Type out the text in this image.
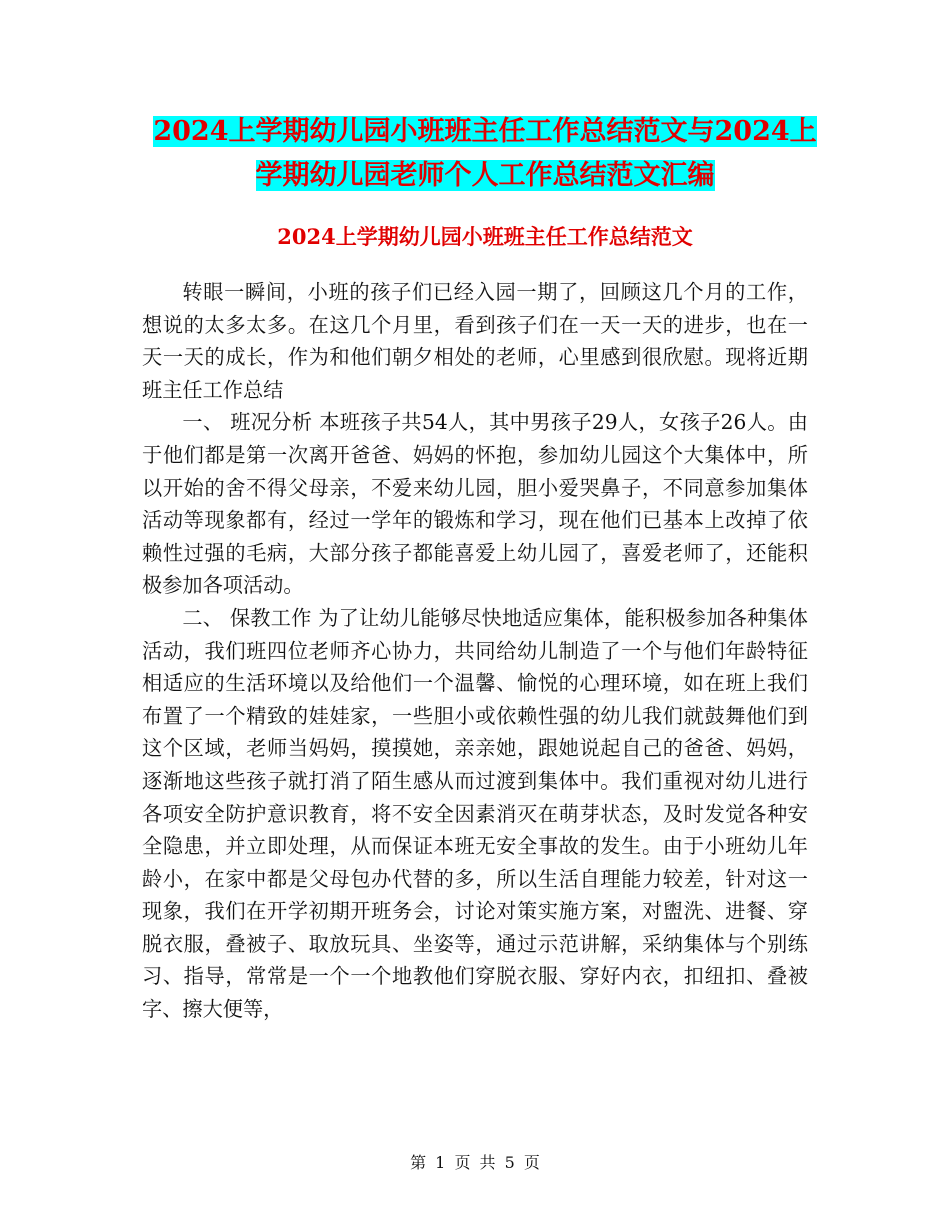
2024上学期幼儿园小班班主任工作总结范文与2024上
学期幼儿园老师个人工作总结范文汇编
2024上学期幼儿园小班班主任工作总结范文

转眼一瞬间，小班的孩子们已经入园一期了，回顾这几个月的工作，想说的太多太多。在这几个月里，看到孩子们在一天一天的进步，也在一天一天的成长，作为和他们朝夕相处的老师，心里感到很欣慰。现将近期班主任工作总结

一、 班况分析 本班孩子共54人，其中男孩子29人，女孩子26人。由于他们都是第一次离开爸爸、妈妈的怀抱，参加幼儿园这个大集体中，所以开始的舍不得父母亲，不爱来幼儿园，胆小爱哭鼻子，不同意参加集体活动等现象都有，经过一学年的锻炼和学习，现在他们已基本上改掉了依赖性过强的毛病，大部分孩子都能喜爱上幼儿园了，喜爱老师了，还能积极参加各项活动。

二、 保教工作 为了让幼儿能够尽快地适应集体，能积极参加各种集体活动，我们班四位老师齐心协力，共同给幼儿制造了一个与他们年龄特征相适应的生活环境以及给他们一个温馨、愉悦的心理环境，如在班上我们布置了一个精致的娃娃家，一些胆小或依赖性强的幼儿我们就鼓舞他们到这个区域，老师当妈妈，摸摸她，亲亲她，跟她说起自己的爸爸、妈妈，逐渐地这些孩子就打消了陌生感从而过渡到集体中。我们重视对幼儿进行各项安全防护意识教育，将不安全因素消灭在萌芽状态，及时发觉各种安全隐患，并立即处理，从而保证本班无安全事故的发生。由于小班幼儿年龄小，在家中都是父母包办代替的多，所以生活自理能力较差，针对这一现象，我们在开学初期开班务会，讨论对策实施方案，对盥洗、进餐、穿脱衣服，叠被子、取放玩具、坐姿等，通过示范讲解，采纳集体与个别练习、指导，常常是一个一个地教他们穿脱衣服、穿好内衣，扣纽扣、叠被字、擦大便等，

第 1 页 共 5 页
